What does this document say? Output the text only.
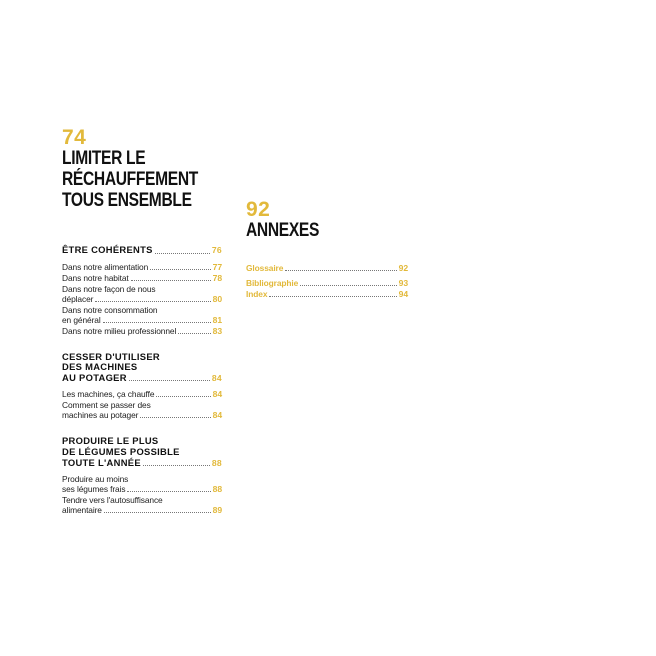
74
LIMITER LE
RÉCHAUFFEMENT
TOUS ENSEMBLE
ÊTRE COHÉRENTS	76
Dans notre alimentation	77
Dans notre habitat	78
Dans notre façon de nous
déplacer	80
Dans notre consommation
en général	81
Dans notre milieu professionnel	83
CESSER D'UTILISER
DES MACHINES
AU POTAGER	84
Les machines, ça chauffe	84
Comment se passer des
machines au potager	84
PRODUIRE LE PLUS
DE LÉGUMES POSSIBLE
TOUTE L'ANNÉE	88
Produire au moins
ses légumes frais	88
Tendre vers l'autosuffisance
alimentaire	89
92
ANNEXES
Glossaire	92
Bibliographie	93
Index	94
